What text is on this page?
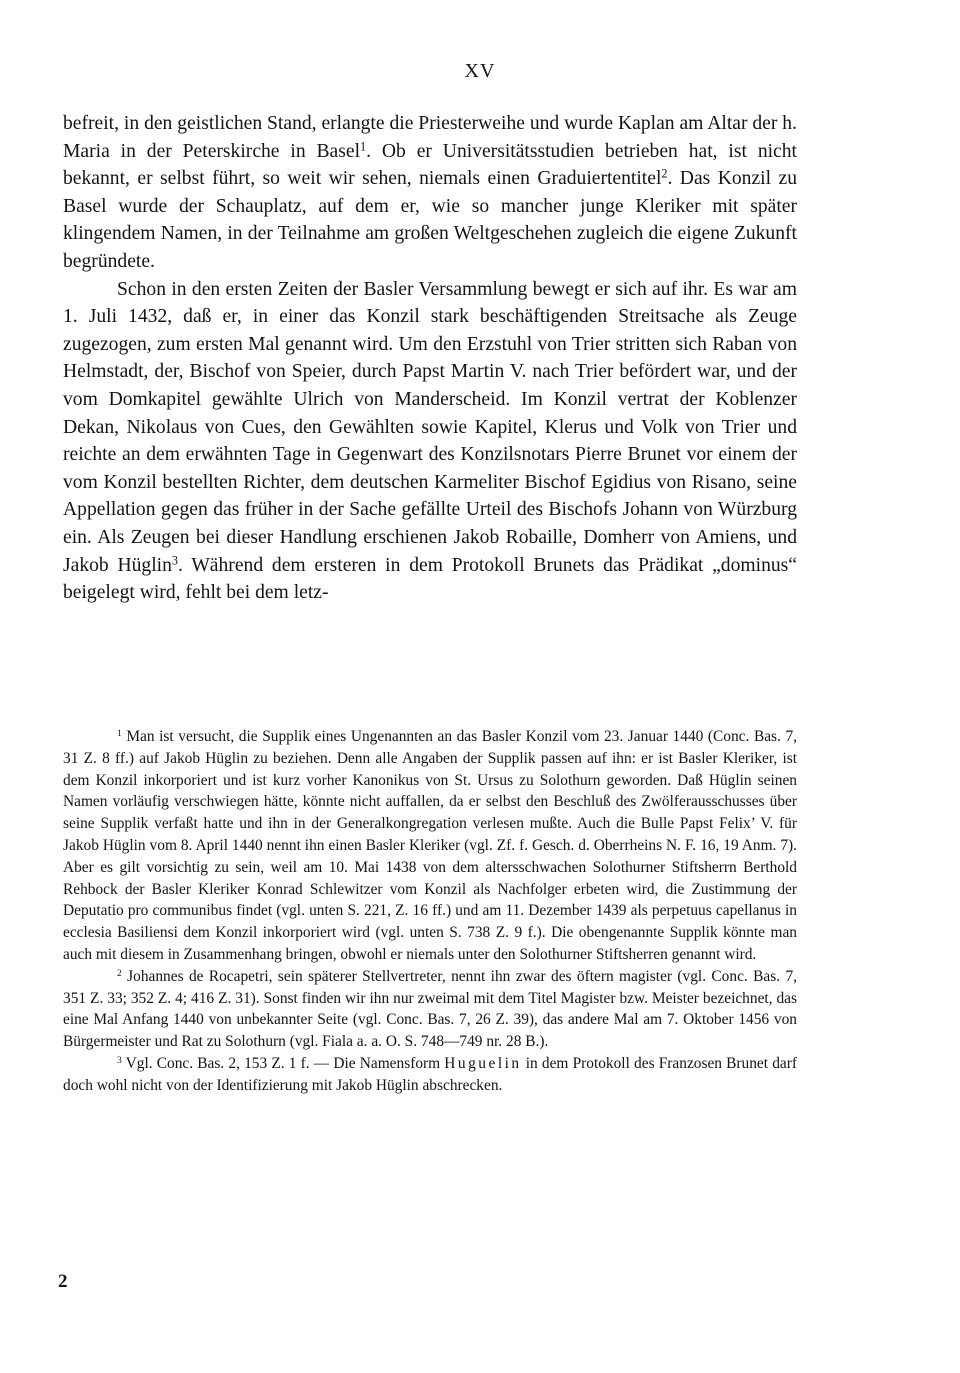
XV

befreit, in den geistlichen Stand, erlangte die Priesterweihe und wurde Kaplan am Altar der h. Maria in der Peterskirche in Basel$^1$. Ob er Universitätsstudien betrieben hat, ist nicht bekannt, er selbst führt, so weit wir sehen, niemals einen Graduiertentitel$^2$. Das Konzil zu Basel wurde der Schauplatz, auf dem er, wie so mancher junge Kleriker mit später klingendem Namen, in der Teilnahme am großen Weltgeschehen zugleich die eigene Zukunft begründete.

Schon in den ersten Zeiten der Basler Versammlung bewegt er sich auf ihr. Es war am 1. Juli 1432, daß er, in einer das Konzil stark beschäftigenden Streitsache als Zeuge zugezogen, zum ersten Mal genannt wird. Um den Erzstuhl von Trier stritten sich Raban von Helmstadt, der, Bischof von Speier, durch Papst Martin V. nach Trier befördert war, und der vom Domkapitel gewählte Ulrich von Manderscheid. Im Konzil vertrat der Koblenzer Dekan, Nikolaus von Cues, den Gewählten sowie Kapitel, Klerus und Volk von Trier und reichte an dem erwähnten Tage in Gegenwart des Konzilsnotars Pierre Brunet vor einem der vom Konzil bestellten Richter, dem deutschen Karmeliter Bischof Egidius von Risano, seine Appellation gegen das früher in der Sache gefällte Urteil des Bischofs Johann von Würzburg ein. Als Zeugen bei dieser Handlung erschienen Jakob Robaille, Domherr von Amiens, und Jakob Hüglin$^3$. Während dem ersteren in dem Protokoll Brunets das Prädikat „dominus“ beigelegt wird, fehlt bei dem letz-

$^1$ Man ist versucht, die Supplik eines Ungenannten an das Basler Konzil vom 23. Januar 1440 (Conc. Bas. 7, 31 Z. 8 ff.) auf Jakob Hüglin zu beziehen. Denn alle Angaben der Supplik passen auf ihn: er ist Basler Kleriker, ist dem Konzil inkorporiert und ist kurz vorher Kanonikus von St. Ursus zu Solothurn geworden. Daß Hüglin seinen Namen vorläufig verschwiegen hätte, könnte nicht auffallen, da er selbst den Beschluß des Zwölferausschusses über seine Supplik verfaßt hatte und ihn in der Generalkongregation verlesen mußte. Auch die Bulle Papst Felix’ V. für Jakob Hüglin vom 8. April 1440 nennt ihn einen Basler Kleriker (vgl. Zf. f. Gesch. d. Oberrheins N. F. 16, 19 Anm. 7). Aber es gilt vorsichtig zu sein, weil am 10. Mai 1438 von dem altersschwachen Solothurner Stiftsherrn Berthold Rehbock der Basler Kleriker Konrad Schlewitzer vom Konzil als Nachfolger erbeten wird, die Zustimmung der Deputatio pro communibus findet (vgl. unten S. 221, Z. 16 ff.) und am 11. Dezember 1439 als perpetuus capellanus in ecclesia Basiliensi dem Konzil inkorporiert wird (vgl. unten S. 738 Z. 9 f.). Die obengenannte Supplik könnte man auch mit diesem in Zusammenhang bringen, obwohl er niemals unter den Solothurner Stiftsherren genannt wird.

$^2$ Johannes de Rocapetri, sein späterer Stellvertreter, nennt ihn zwar des öftern magister (vgl. Conc. Bas. 7, 351 Z. 33; 352 Z. 4; 416 Z. 31). Sonst finden wir ihn nur zweimal mit dem Titel Magister bzw. Meister bezeichnet, das eine Mal Anfang 1440 von unbekannter Seite (vgl. Conc. Bas. 7, 26 Z. 39), das andere Mal am 7. Oktober 1456 von Bürgermeister und Rat zu Solothurn (vgl. Fiala a. a. O. S. 748—749 nr. 28 B.).

$^3$ Vgl. Conc. Bas. 2, 153 Z. 1 f. — Die Namensform Huguelin in dem Protokoll des Franzosen Brunet darf doch wohl nicht von der Identifizierung mit Jakob Hüglin abschrecken.

2
